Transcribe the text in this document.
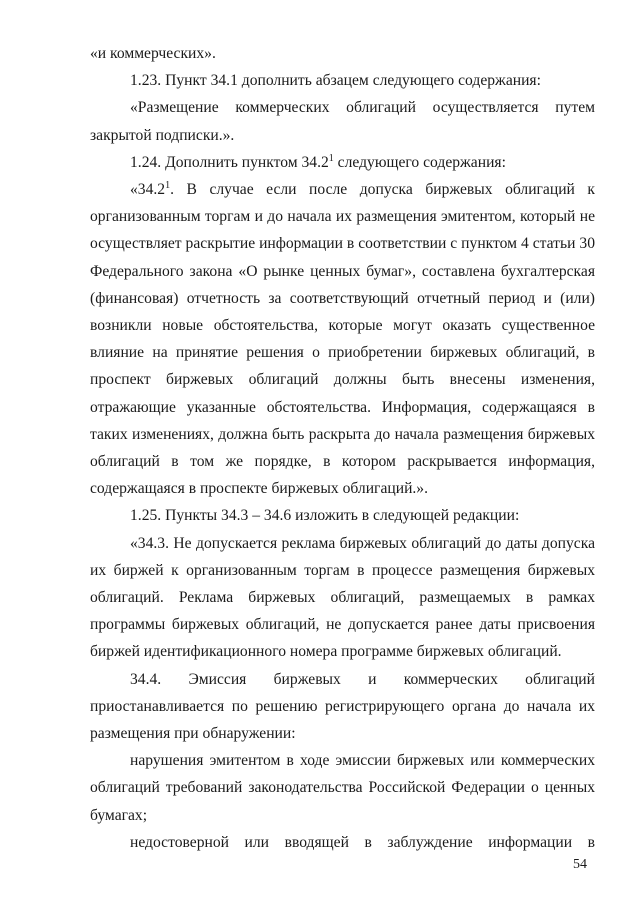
«и коммерческих».

1.23. Пункт 34.1 дополнить абзацем следующего содержания:

«Размещение коммерческих облигаций осуществляется путем закрытой подписки.».

1.24. Дополнить пунктом 34.2$^1$ следующего содержания:

«34.2$^1$. В случае если после допуска биржевых облигаций к организованным торгам и до начала их размещения эмитентом, который не осуществляет раскрытие информации в соответствии с пунктом 4 статьи 30 Федерального закона «О рынке ценных бумаг», составлена бухгалтерская (финансовая) отчетность за соответствующий отчетный период и (или) возникли новые обстоятельства, которые могут оказать существенное влияние на принятие решения о приобретении биржевых облигаций, в проспект биржевых облигаций должны быть внесены изменения, отражающие указанные обстоятельства. Информация, содержащаяся в таких изменениях, должна быть раскрыта до начала размещения биржевых облигаций в том же порядке, в котором раскрывается информация, содержащаяся в проспекте биржевых облигаций.».

1.25. Пункты 34.3 – 34.6 изложить в следующей редакции:

«34.3. Не допускается реклама биржевых облигаций до даты допуска их биржей к организованным торгам в процессе размещения биржевых облигаций. Реклама биржевых облигаций, размещаемых в рамках программы биржевых облигаций, не допускается ранее даты присвоения биржей идентификационного номера программе биржевых облигаций.

34.4. Эмиссия биржевых и коммерческих облигаций приостанавливается по решению регистрирующего органа до начала их размещения при обнаружении:

нарушения эмитентом в ходе эмиссии биржевых или коммерческих облигаций требований законодательства Российской Федерации о ценных бумагах;

недостоверной или вводящей в заблуждение информации в

54
